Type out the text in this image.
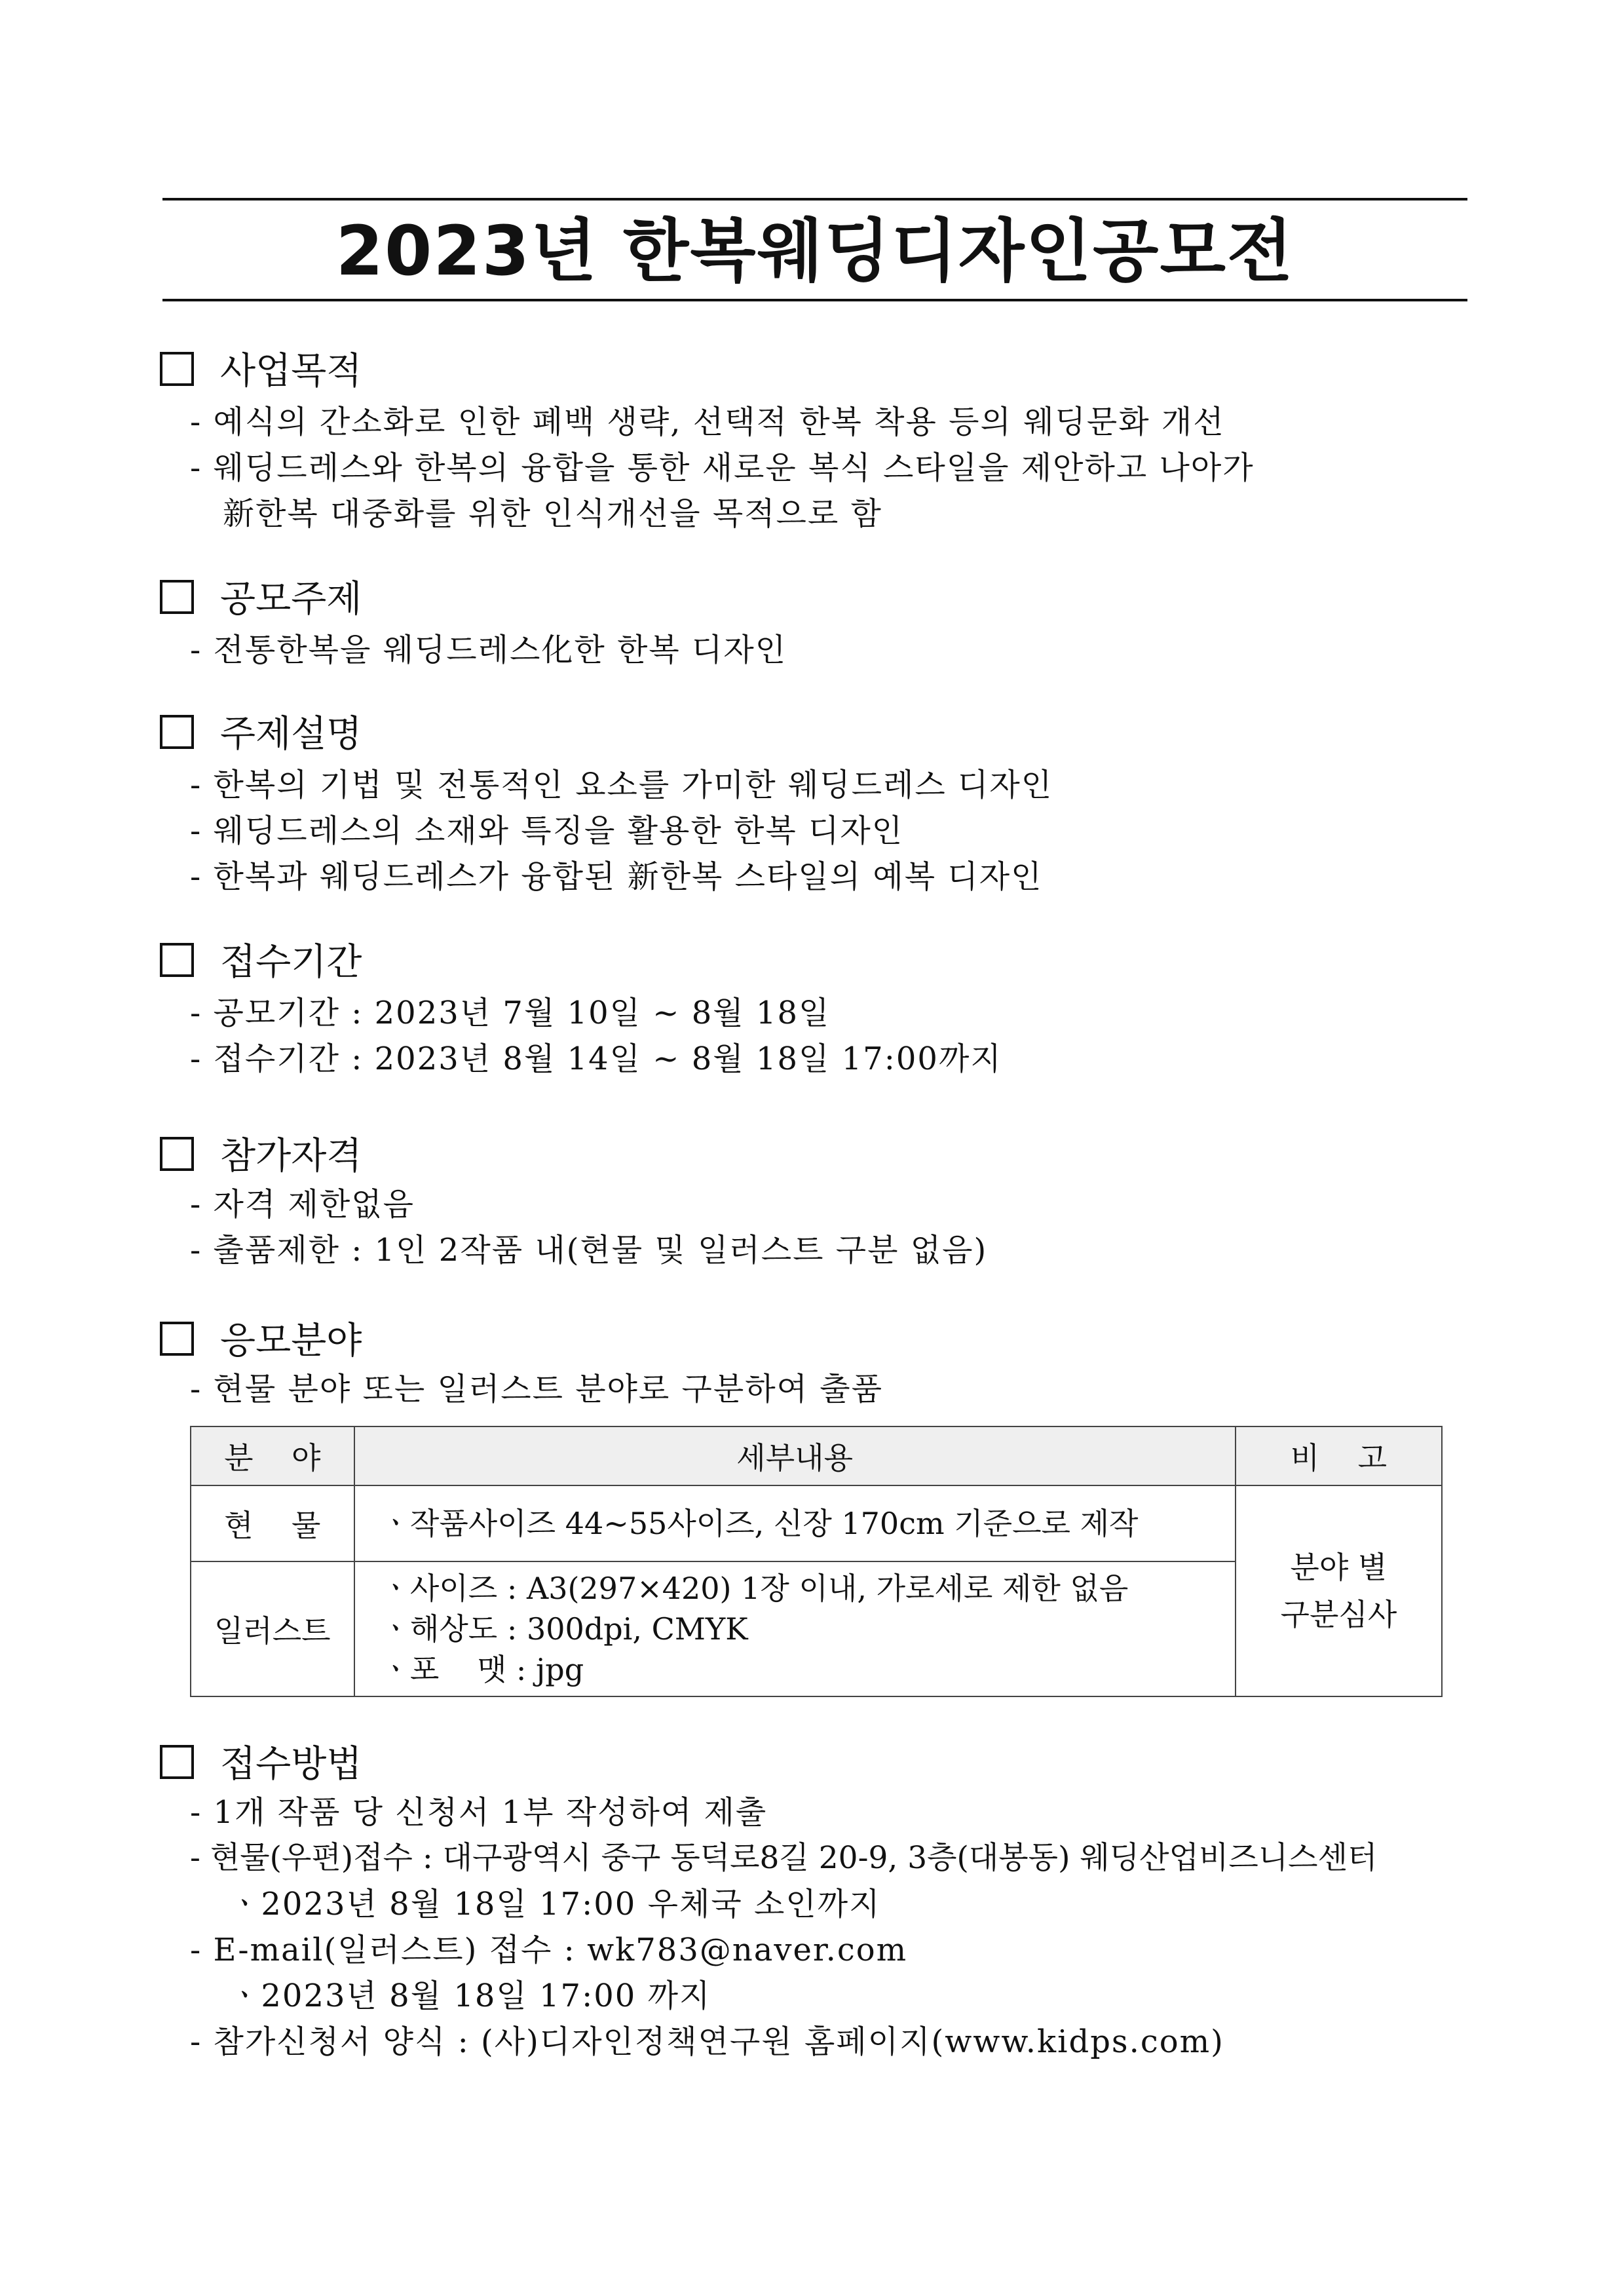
2023년 한복웨딩디자인공모전
사업목적
- 예식의 간소화로 인한 폐백 생략, 선택적 한복 착용 등의 웨딩문화 개선
- 웨딩드레스와 한복의 융합을 통한 새로운 복식 스타일을 제안하고 나아가
新한복 대중화를 위한 인식개선을 목적으로 함
공모주제
- 전통한복을 웨딩드레스化한 한복 디자인
주제설명
- 한복의 기법 및 전통적인 요소를 가미한 웨딩드레스 디자인
- 웨딩드레스의 소재와 특징을 활용한 한복 디자인
- 한복과 웨딩드레스가 융합된 新한복 스타일의 예복 디자인
접수기간
- 공모기간 : 2023년 7월 10일 ~ 8월 18일
- 접수기간 : 2023년 8월 14일 ~ 8월 18일 17:00까지
참가자격
- 자격 제한없음
- 출품제한 : 1인 2작품 내(현물 및 일러스트 구분 없음)
응모분야
- 현물 분야 또는 일러스트 분야로 구분하여 출품
분    야	세부내용	비    고
현    물	ㆍ작품사이즈 44~55사이즈, 신장 170cm 기준으로 제작	분야 별
구분심사

일러스트	ㆍ사이즈 : A3(297×420) 1장 이내, 가로세로 제한 없음
ㆍ해상도 : 300dpi, CMYK
ㆍ포    맷 : jpg	
접수방법
- 1개 작품 당 신청서 1부 작성하여 제출
- 현물(우편)접수 : 대구광역시 중구 동덕로8길 20-9, 3층(대봉동) 웨딩산업비즈니스센터
ㆍ2023년 8월 18일 17:00 우체국 소인까지
- E-mail(일러스트) 접수 : wk783@naver.com
ㆍ2023년 8월 18일 17:00 까지
- 참가신청서 양식 : (사)디자인정책연구원 홈페이지(www.kidps.com)
